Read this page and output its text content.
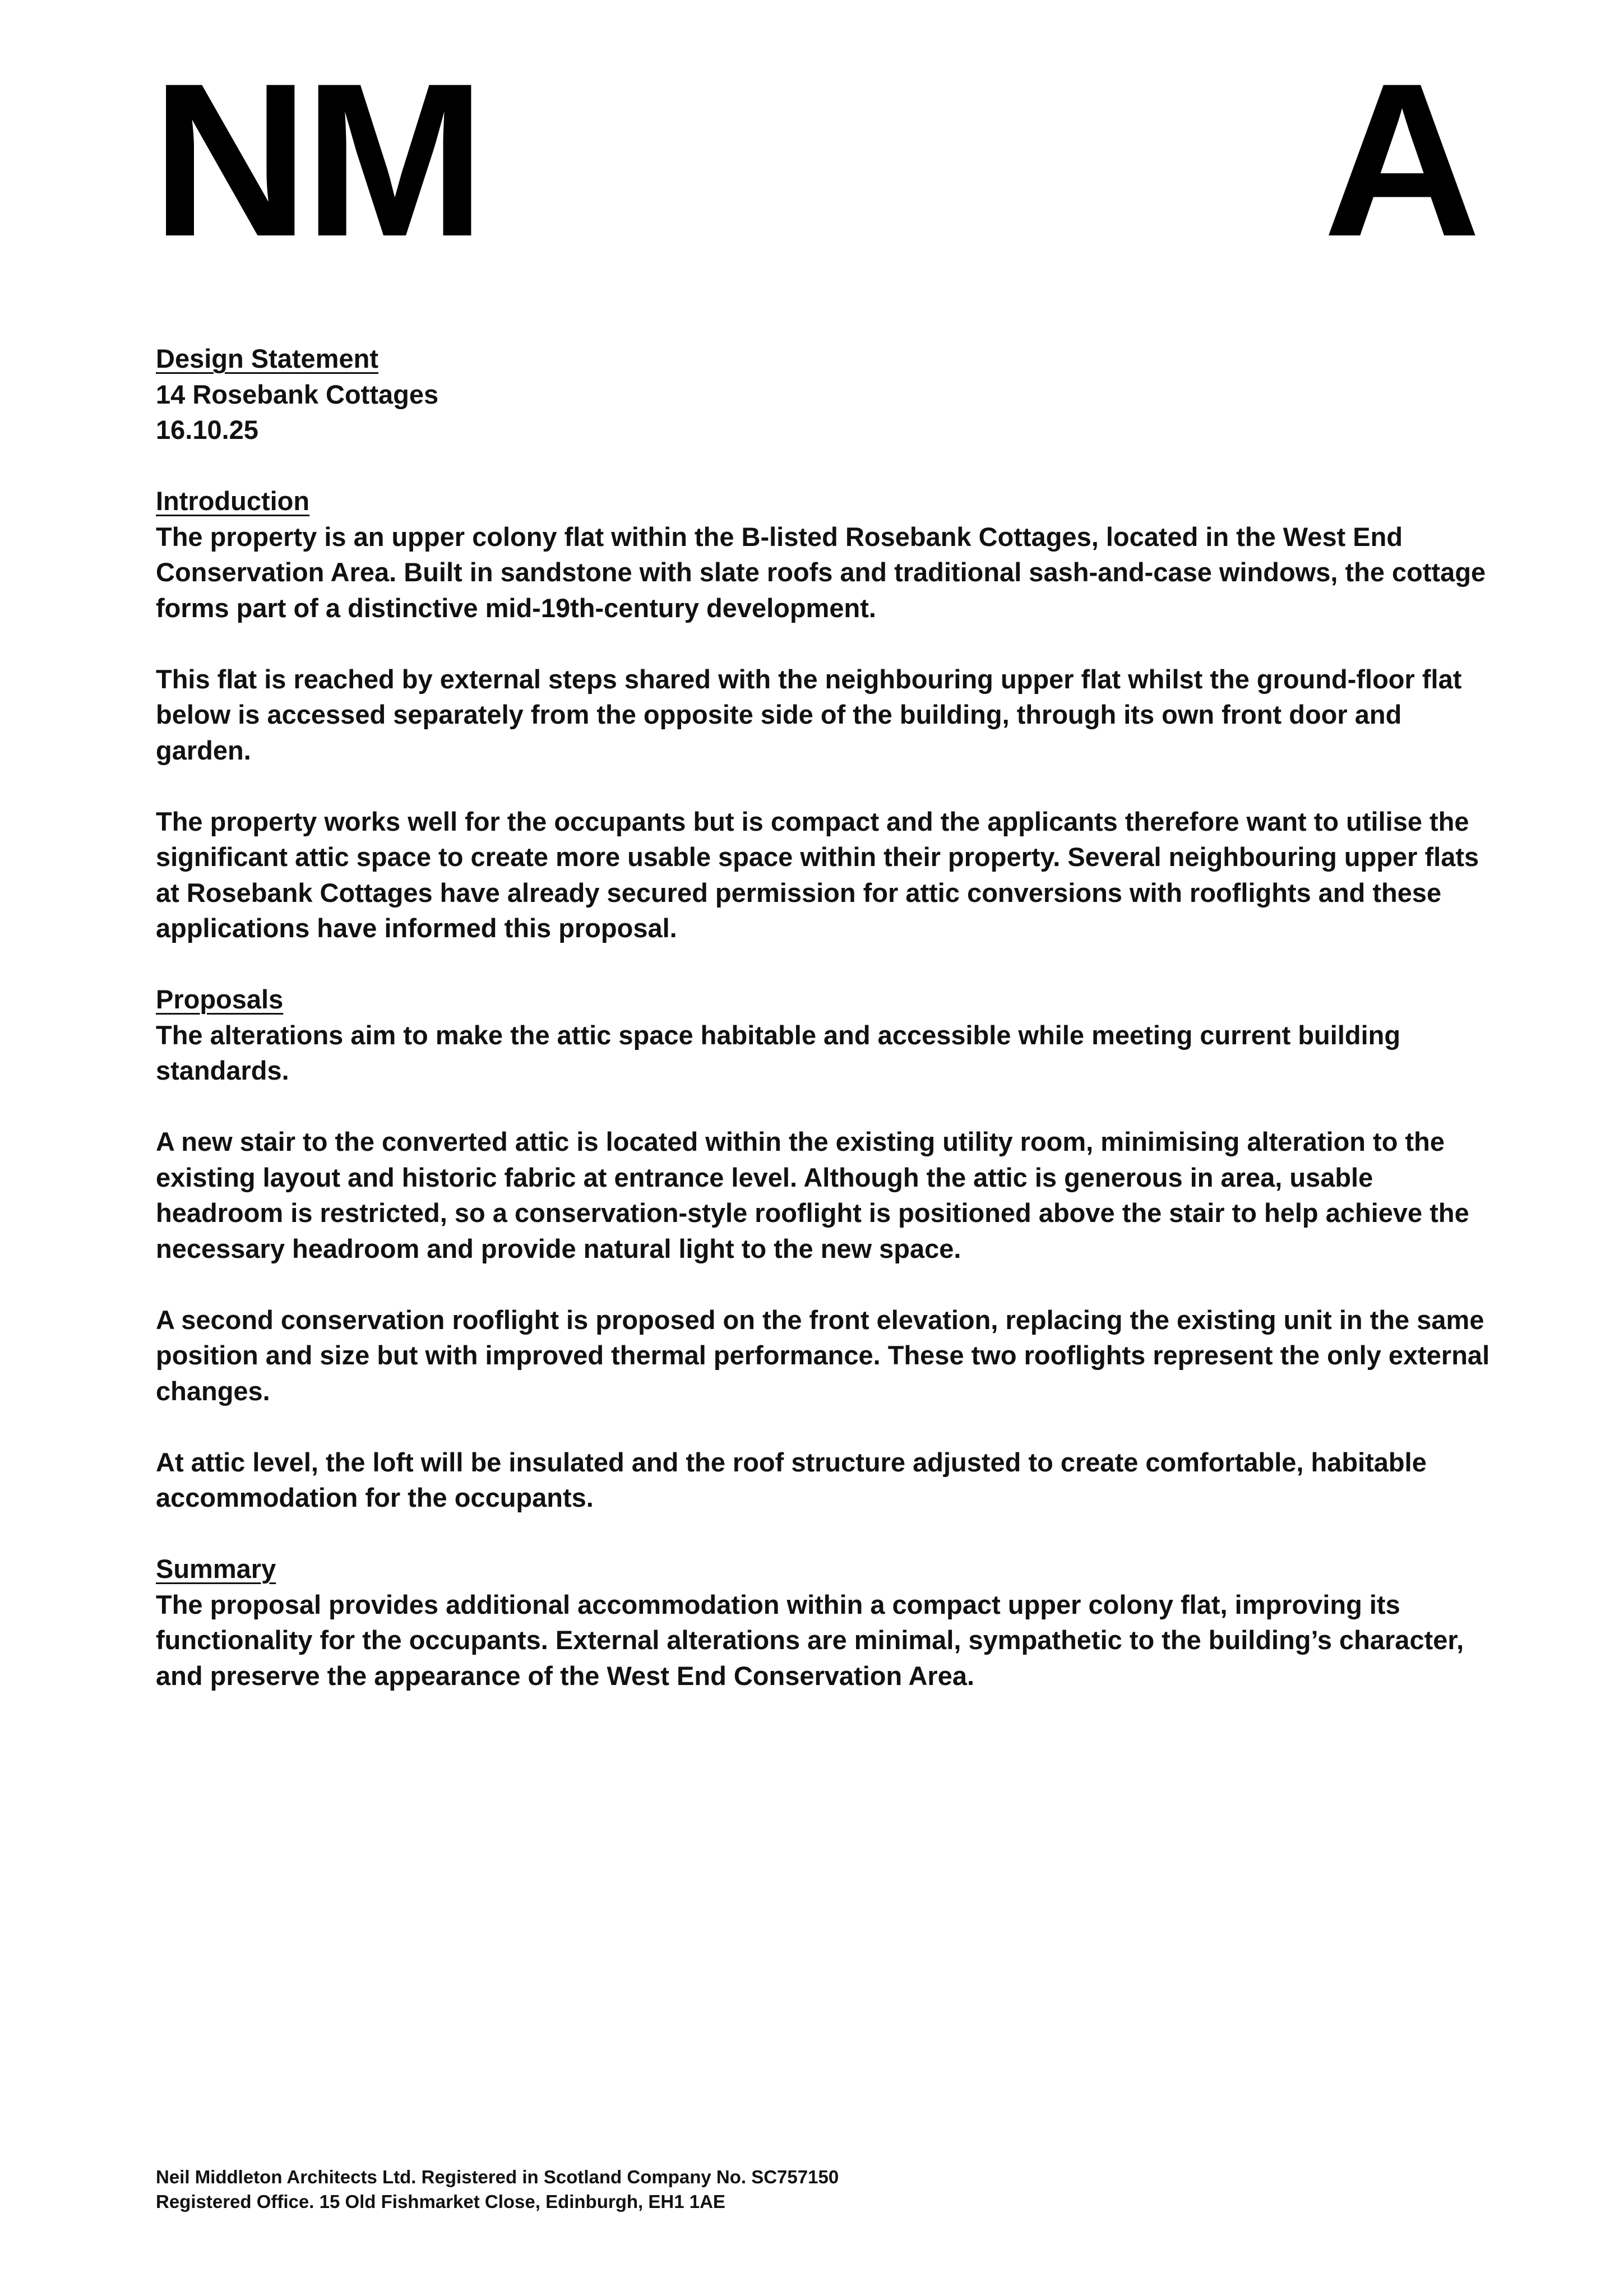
NM	A

Design Statement

14 Rosebank Cottages

16.10.25

Introduction

The property is an upper colony flat within the B-listed Rosebank Cottages, located in the West End Conservation Area. Built in sandstone with slate roofs and traditional sash-and-case windows, the cottage forms part of a distinctive mid-19th-century development.

This flat is reached by external steps shared with the neighbouring upper flat whilst the ground-floor flat below is accessed separately from the opposite side of the building, through its own front door and garden.

The property works well for the occupants but is compact and the applicants therefore want to utilise the significant attic space to create more usable space within their property. Several neighbouring upper flats at Rosebank Cottages have already secured permission for attic conversions with rooflights and these applications have informed this proposal.

Proposals

The alterations aim to make the attic space habitable and accessible while meeting current building standards.

A new stair to the converted attic is located within the existing utility room, minimising alteration to the existing layout and historic fabric at entrance level. Although the attic is generous in area, usable headroom is restricted, so a conservation-style rooflight is positioned above the stair to help achieve the necessary headroom and provide natural light to the new space.

A second conservation rooflight is proposed on the front elevation, replacing the existing unit in the same position and size but with improved thermal performance. These two rooflights represent the only external changes.

At attic level, the loft will be insulated and the roof structure adjusted to create comfortable, habitable accommodation for the occupants.

Summary

The proposal provides additional accommodation within a compact upper colony flat, improving its functionality for the occupants. External alterations are minimal, sympathetic to the building’s character, and preserve the appearance of the West End Conservation Area.

Neil Middleton Architects Ltd. Registered in Scotland Company No. SC757150

Registered Office. 15 Old Fishmarket Close, Edinburgh, EH1 1AE
